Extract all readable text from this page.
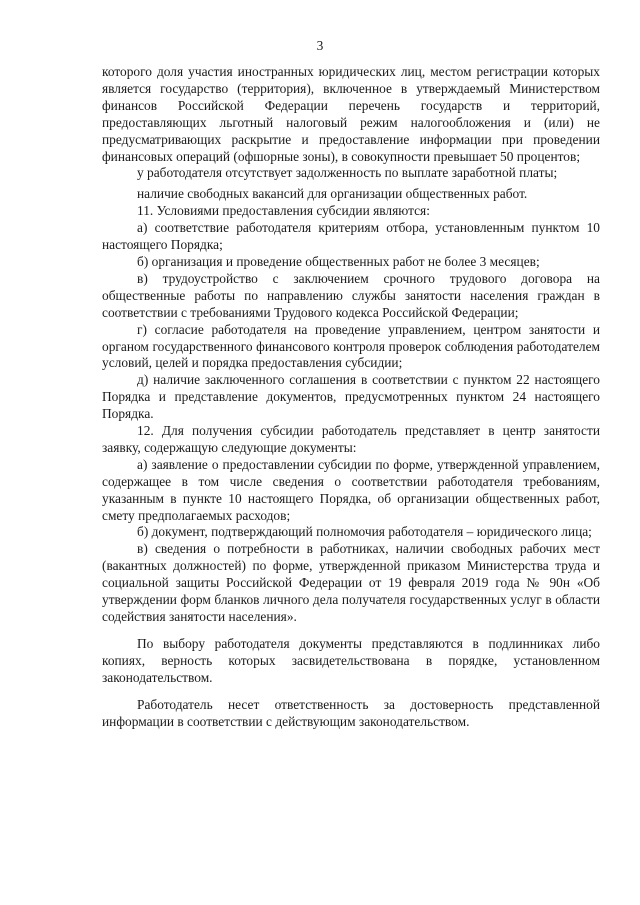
3

которого доля участия иностранных юридических лиц, местом регистрации которых является государство (территория), включенное в утверждаемый Министерством финансов Российской Федерации перечень государств и территорий, предоставляющих льготный налоговый режим налогообложения и (или) не предусматривающих раскрытие и предоставление информации при проведении финансовых операций (офшорные зоны), в совокупности превышает 50 процентов;

у работодателя отсутствует задолженность по выплате заработной платы;

наличие свободных вакансий для организации общественных работ.

11. Условиями предоставления субсидии являются:

а) соответствие работодателя критериям отбора, установленным пунктом 10 настоящего Порядка;

б) организация и проведение общественных работ не более 3 месяцев;

в) трудоустройство с заключением срочного трудового договора на общественные работы по направлению службы занятости населения граждан в соответствии с требованиями Трудового кодекса Российской Федерации;

г) согласие работодателя на проведение управлением, центром занятости и органом государственного финансового контроля проверок соблюдения работодателем условий, целей и порядка предоставления субсидии;

д) наличие заключенного соглашения в соответствии с пунктом 22 настоящего Порядка и представление документов, предусмотренных пунктом 24 настоящего Порядка.

12. Для получения субсидии работодатель представляет в центр занятости заявку, содержащую следующие документы:

а) заявление о предоставлении субсидии по форме, утвержденной управлением, содержащее в том числе сведения о соответствии работодателя требованиям, указанным в пункте 10 настоящего Порядка, об организации общественных работ, смету предполагаемых расходов;

б) документ, подтверждающий полномочия работодателя – юридического лица;

в) сведения о потребности в работниках, наличии свободных рабочих мест (вакантных должностей) по форме, утвержденной приказом Министерства труда и социальной защиты Российской Федерации от 19 февраля 2019 года № 90н «Об утверждении форм бланков личного дела получателя государственных услуг в области содействия занятости населения».

По выбору работодателя документы представляются в подлинниках либо копиях, верность которых засвидетельствована в порядке, установленном законодательством.

Работодатель несет ответственность за достоверность представленной информации в соответствии с действующим законодательством.
